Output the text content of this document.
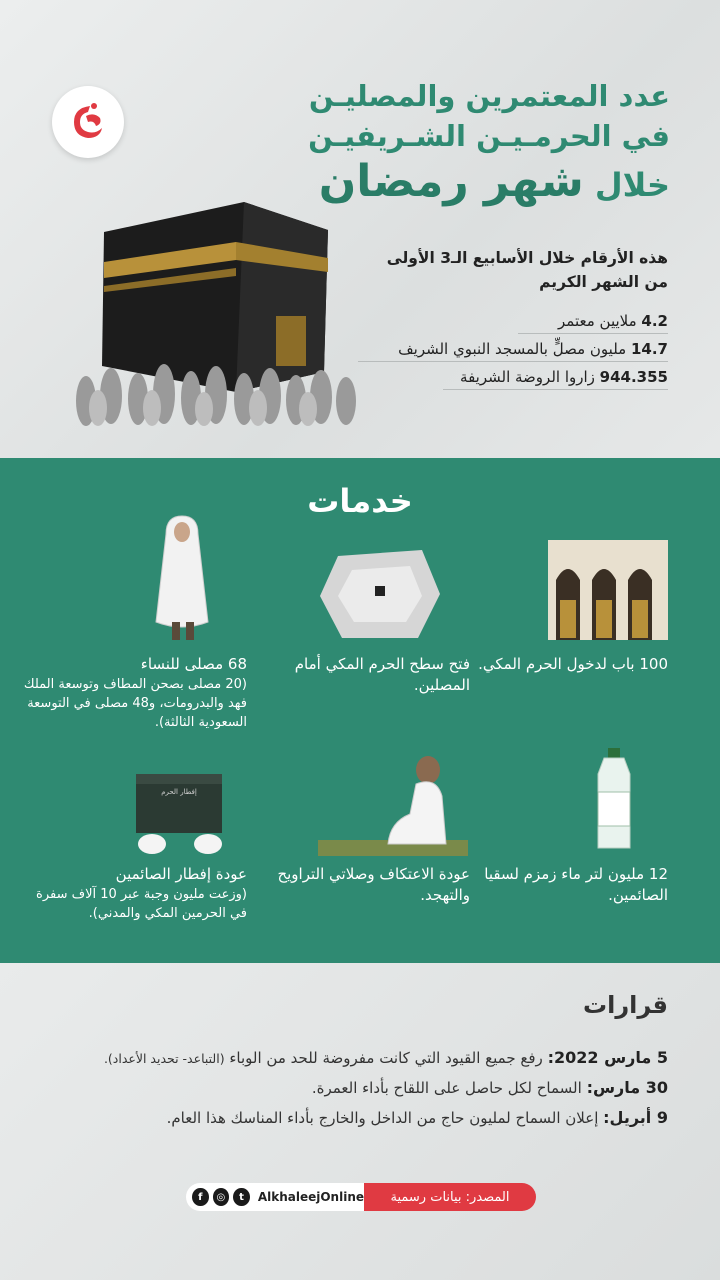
عدد المعتمرين والمصليـن
في الحرمـيـن الشـريفيـن
خلال شهر رمضان
هذه الأرقام خلال الأسابيع الـ3 الأولى من الشهر الكريم
4.2 ملايين معتمر
14.7 مليون مصلٍّ بالمسجد النبوي الشريف
944.355 زاروا الروضة الشريفة
خدمات
100 باب لدخول الحرم المكي.
فتح سطح الحرم المكي أمام المصلين.
68 مصلى للنساء
(20 مصلى بصحن المطاف وتوسعة الملك فهد والبدرومات، و48 مصلى في التوسعة السعودية الثالثة).
إفطار الحرم
12 مليون لتر ماء زمزم لسقيا الصائمين.
عودة الاعتكاف وصلاتي التراويح والتهجد.
عودة إفطار الصائمين
(وزعت مليون وجبة عبر 10 آلاف سفرة في الحرمين المكي والمدني).
قرارات
5 مارس 2022: رفع جميع القيود التي كانت مفروضة للحد من الوباء (التباعد- تحديد الأعداد).
30 مارس: السماح لكل حاصل على اللقاح بأداء العمرة.
9 أبريل: إعلان السماح لمليون حاج من الداخل والخارج بأداء المناسك هذا العام.
f	◎	t	AlkhaleejOnline	المصدر: بيانات رسمية
